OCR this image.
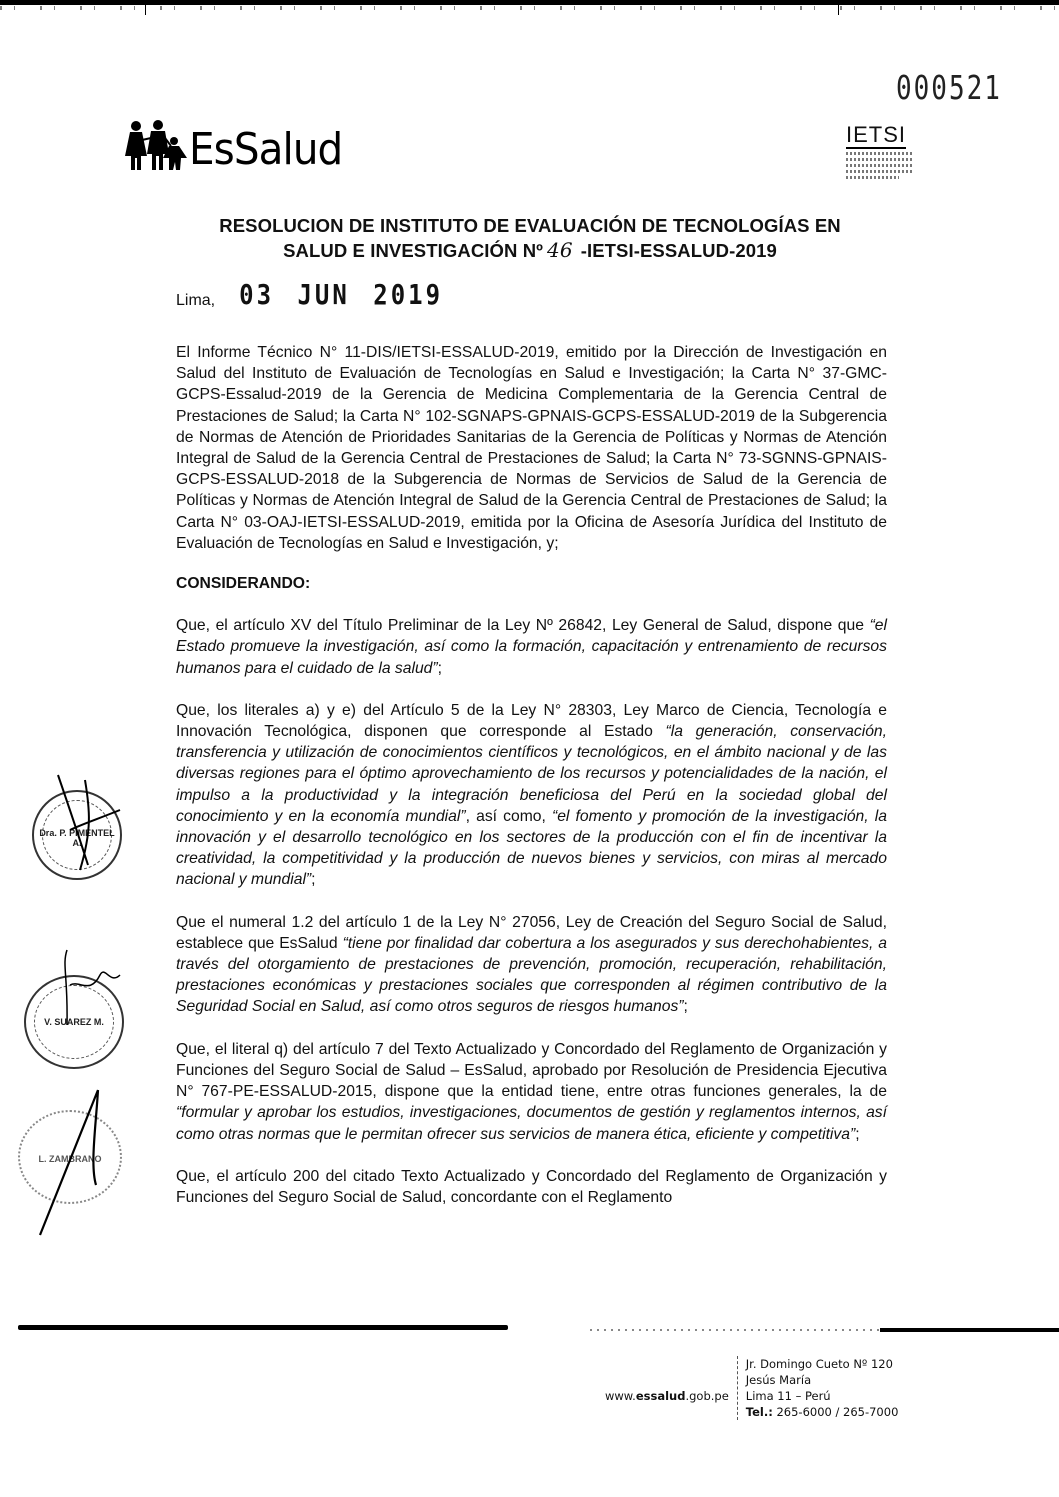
000521
EsSalud	IETSI
RESOLUCION DE INSTITUTO DE EVALUACIÓN DE TECNOLOGÍAS EN
SALUD E INVESTIGACIÓN Nº 46 -IETSI-ESSALUD-2019
Lima, 03 JUN 2019

El Informe Técnico N° 11-DIS/IETSI-ESSALUD-2019, emitido por la Dirección de Investigación en Salud del Instituto de Evaluación de Tecnologías en Salud e Investigación; la Carta N° 37-GMC-GCPS-Essalud-2019 de la Gerencia de Medicina Complementaria de la Gerencia Central de Prestaciones de Salud; la Carta N° 102-SGNAPS-GPNAIS-GCPS-ESSALUD-2019 de la Subgerencia de Normas de Atención de Prioridades Sanitarias de la Gerencia de Políticas y Normas de Atención Integral de Salud de la Gerencia Central de Prestaciones de Salud; la Carta N° 73-SGNNS-GPNAIS-GCPS-ESSALUD-2018 de la Subgerencia de Normas de Servicios de Salud de la Gerencia de Políticas y Normas de Atención Integral de Salud de la Gerencia Central de Prestaciones de Salud; la Carta N° 03-OAJ-IETSI-ESSALUD-2019, emitida por la Oficina de Asesoría Jurídica del Instituto de Evaluación de Tecnologías en Salud e Investigación, y;

CONSIDERANDO:

Que, el artículo XV del Título Preliminar de la Ley Nº 26842, Ley General de Salud, dispone que “el Estado promueve la investigación, así como la formación, capacitación y entrenamiento de recursos humanos para el cuidado de la salud”;

Que, los literales a) y e) del Artículo 5 de la Ley N° 28303, Ley Marco de Ciencia, Tecnología e Innovación Tecnológica, disponen que corresponde al Estado “la generación, conservación, transferencia y utilización de conocimientos científicos y tecnológicos, en el ámbito nacional y de las diversas regiones para el óptimo aprovechamiento de los recursos y potencialidades de la nación, el impulso a la productividad y la integración beneficiosa del Perú en la sociedad global del conocimiento y en la economía mundial”, así como, “el fomento y promoción de la investigación, la innovación y el desarrollo tecnológico en los sectores de la producción con el fin de incentivar la creatividad, la competitividad y la producción de nuevos bienes y servicios, con miras al mercado nacional y mundial”;

Que el numeral 1.2 del artículo 1 de la Ley N° 27056, Ley de Creación del Seguro Social de Salud, establece que EsSalud “tiene por finalidad dar cobertura a los asegurados y sus derechohabientes, a través del otorgamiento de prestaciones de prevención, promoción, recuperación, rehabilitación, prestaciones económicas y prestaciones sociales que corresponden al régimen contributivo de la Seguridad Social en Salud, así como otros seguros de riesgos humanos”;

Que, el literal q) del artículo 7 del Texto Actualizado y Concordado del Reglamento de Organización y Funciones del Seguro Social de Salud – EsSalud, aprobado por Resolución de Presidencia Ejecutiva N° 767-PE-ESSALUD-2015, dispone que la entidad tiene, entre otras funciones generales, la de “formular y aprobar los estudios, investigaciones, documentos de gestión y reglamentos internos, así como otras normas que le permitan ofrecer sus servicios de manera ética, eficiente y competitiva”;

Que, el artículo 200 del citado Texto Actualizado y Concordado del Reglamento de Organización y Funciones del Seguro Social de Salud, concordante con el Reglamento

Dra. P. PIMENTEL A.
V. SUAREZ M.
L. ZAMBRANO
www.essalud.gob.pe
Jr. Domingo Cueto Nº 120
Jesús María
Lima 11 – Perú
Tel.: 265-6000 / 265-7000
